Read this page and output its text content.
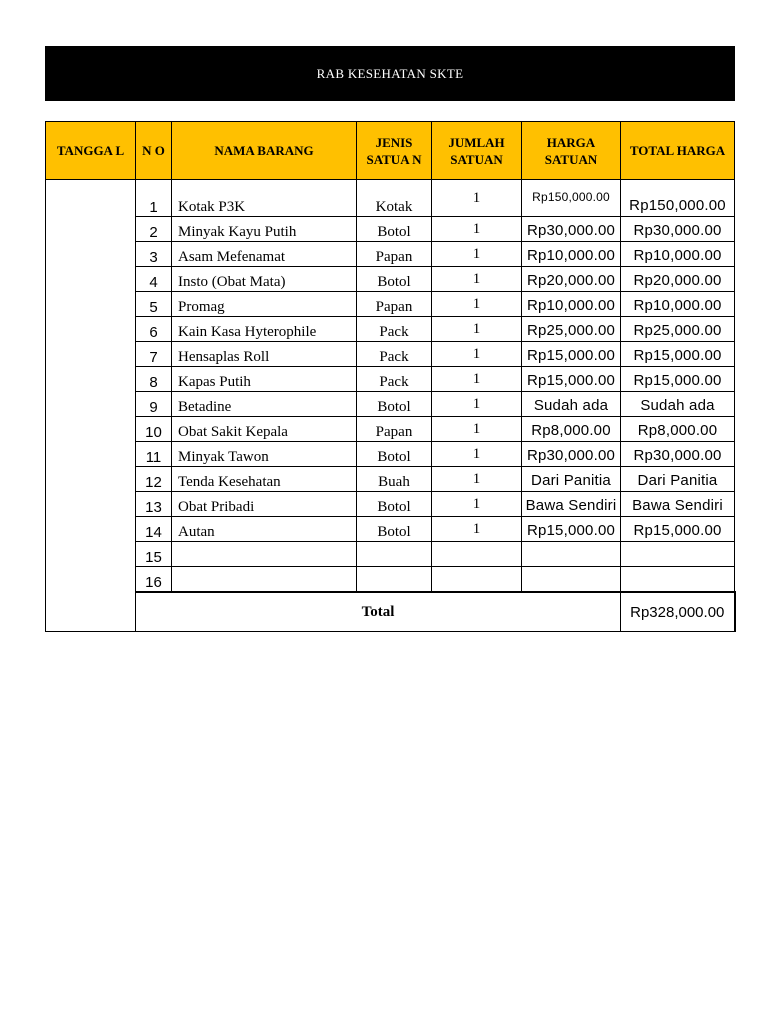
RAB KESEHATAN SKTE
TANGGA L	N O	NAMA BARANG	JENIS SATUA N	JUMLAH SATUAN	HARGA SATUAN	TOTAL HARGA
	1	Kotak P3K	Kotak	1	Rp150,000.00	Rp150,000.00
	2	Minyak Kayu Putih	Botol	1	Rp30,000.00	Rp30,000.00
	3	Asam Mefenamat	Papan	1	Rp10,000.00	Rp10,000.00
	4	Insto (Obat Mata)	Botol	1	Rp20,000.00	Rp20,000.00
	5	Promag	Papan	1	Rp10,000.00	Rp10,000.00
	6	Kain Kasa Hyterophile	Pack	1	Rp25,000.00	Rp25,000.00
	7	Hensaplas Roll	Pack	1	Rp15,000.00	Rp15,000.00
	8	Kapas Putih	Pack	1	Rp15,000.00	Rp15,000.00
	9	Betadine	Botol	1	Sudah ada	Sudah ada
	10	Obat Sakit Kepala	Papan	1	Rp8,000.00	Rp8,000.00
	11	Minyak Tawon	Botol	1	Rp30,000.00	Rp30,000.00
	12	Tenda Kesehatan	Buah	1	Dari Panitia	Dari Panitia
	13	Obat Pribadi	Botol	1	Bawa Sendiri	Bawa Sendiri
	14	Autan	Botol	1	Rp15,000.00	Rp15,000.00
	15					
	16					
	Total					Rp328,000.00
